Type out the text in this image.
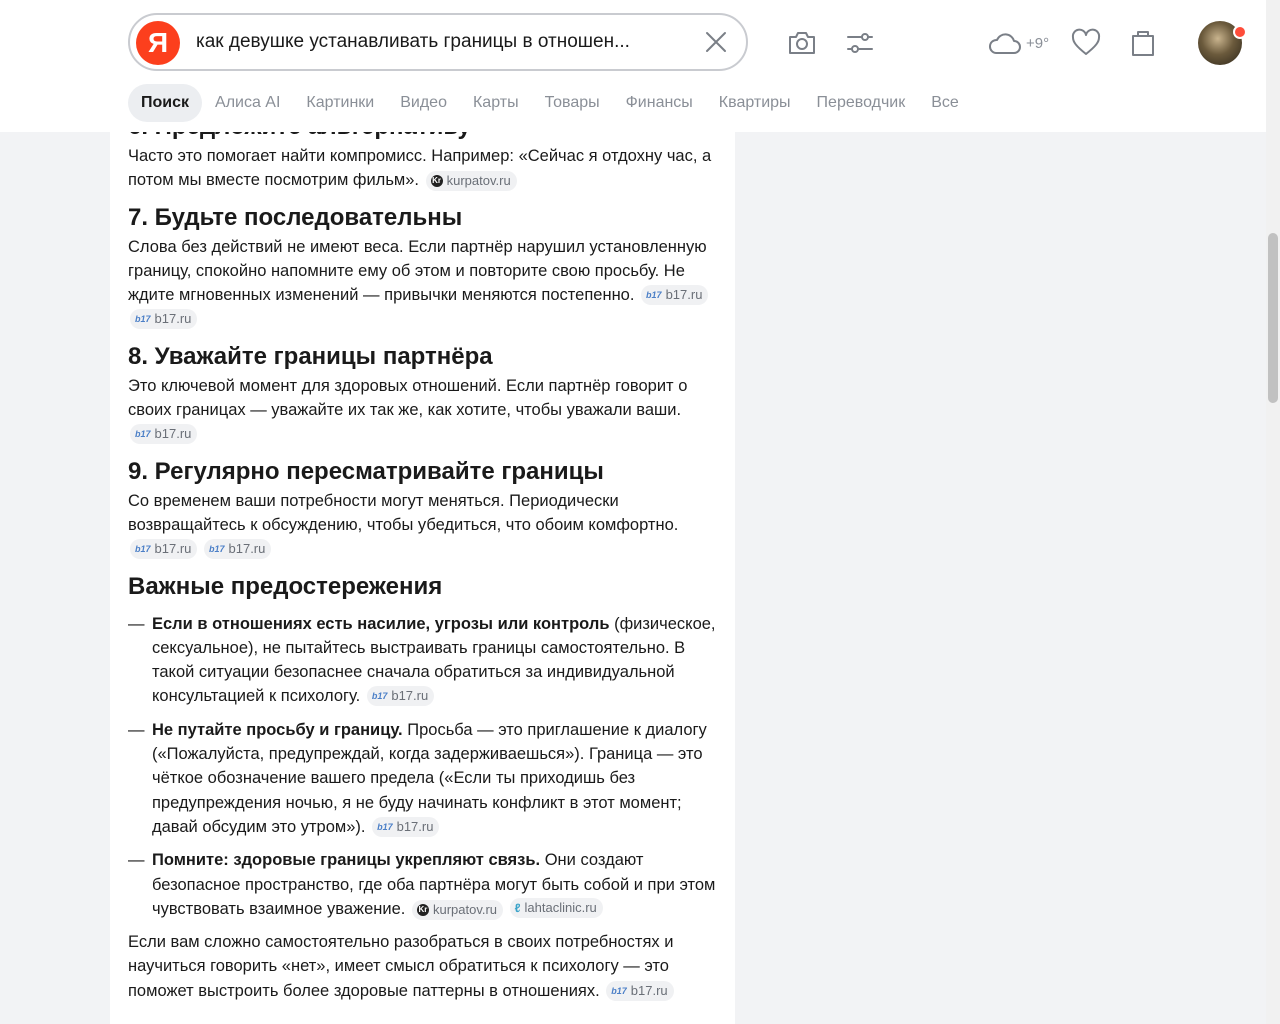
Часто это помогает найти компромисс. Например: «Сейчас я отдохну час, а потом мы вместе посмотрим фильм». Kr kurpatov.ru

7. Будьте последовательны

Слова без действий не имеют веса. Если партнёр нарушил установленную границу, спокойно напомните ему об этом и повторите свою просьбу. Не ждите мгновенных изменений — привычки меняются постепенно. b17 b17.ru

b17 b17.ru

8. Уважайте границы партнёра

Это ключевой момент для здоровых отношений. Если партнёр говорит о своих границах — уважайте их так же, как хотите, чтобы уважали ваши.
b17 b17.ru

9. Регулярно пересматривайте границы

Со временем ваши потребности могут меняться. Периодически возвращайтесь к обсуждению, чтобы убедиться, что обоим комфортно.
b17 b17.ru
b17 b17.ru

Важные предостережения
— Если в отношениях есть насилие, угрозы или контроль (физическое, сексуальное), не пытайтесь выстраивать границы самостоятельно. В такой ситуации безопаснее сначала обратиться за индивидуальной консультацией к психологу. b17 b17.ru
— Не путайте просьбу и границу. Просьба — это приглашение к диалогу («Пожалуйста, предупреждай, когда задерживаешься»). Граница — это чёткое обозначение вашего предела («Если ты приходишь без предупреждения ночью, я не буду начинать конфликт в этот момент; давай обсудим это утром»). b17 b17.ru
— Помните: здоровые границы укрепляют связь. Они создают безопасное пространство, где оба партнёра могут быть собой и при этом чувствовать взаимное уважение. Kr kurpatov.ru
ℓ lahtaclinic.ru

Если вам сложно самостоятельно разобраться в своих потребностях и научиться говорить «нет», имеет смысл обратиться к психологу — это поможет выстроить более здоровые паттерны в отношениях. b17 b17.ru

Я	как девушке устанавливать границы в отношен...	+9°
Поиск	Алиса AI	Картинки	Видео	Карты	Товары	Финансы	Квартиры	Переводчик	Все
